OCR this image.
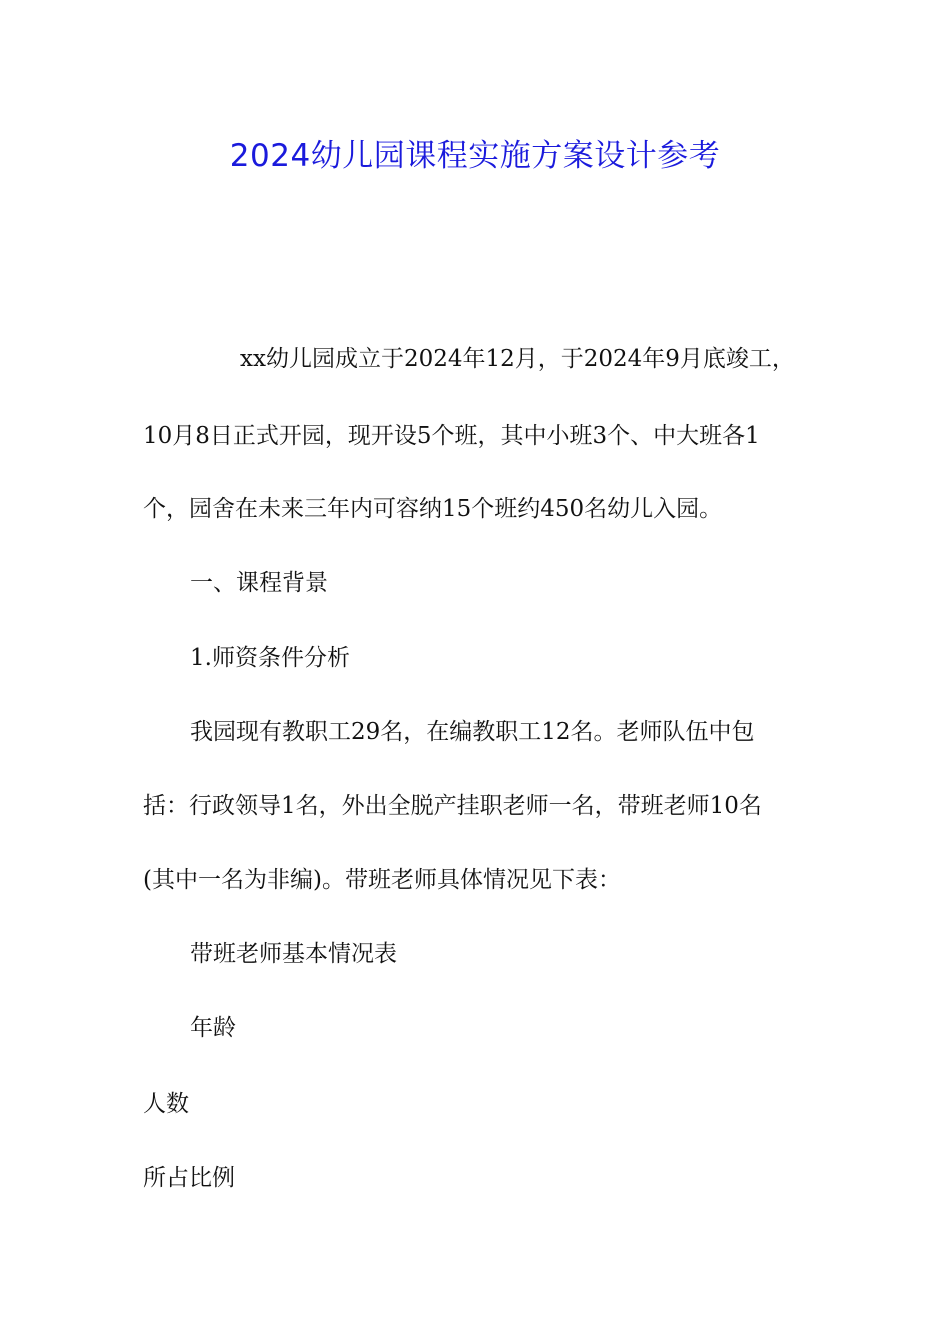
2024幼儿园课程实施方案设计参考

xx幼儿园成立于2024年12月，于2024年9月底竣工，

10月8日正式开园，现开设5个班，其中小班3个、中大班各1

个，园舍在未来三年内可容纳15个班约450名幼儿入园。

一、课程背景

1.师资条件分析

我园现有教职工29名，在编教职工12名。老师队伍中包

括：行政领导1名，外出全脱产挂职老师一名，带班老师10名

(其中一名为非编)。带班老师具体情况见下表：

带班老师基本情况表

年龄

人数

所占比例
